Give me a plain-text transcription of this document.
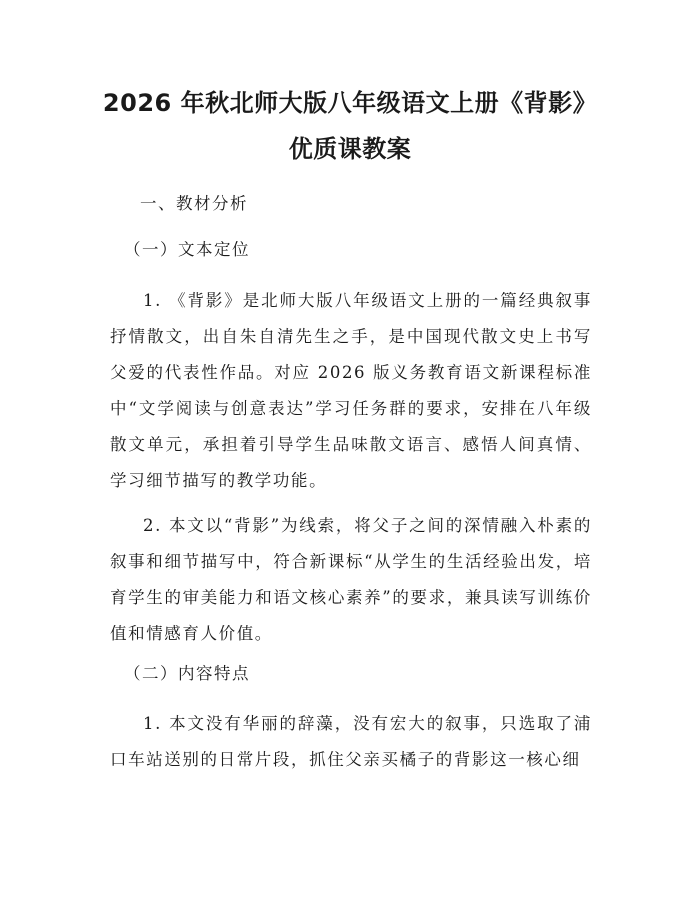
2026 年秋北师大版八年级语文上册《背影》
优质课教案
一、教材分析
（一）文本定位
1. 《背影》是北师大版八年级语文上册的一篇经典叙事抒情散文，出自朱自清先生之手，是中国现代散文史上书写父爱的代表性作品。对应 2026 版义务教育语文新课程标准中“文学阅读与创意表达”学习任务群的要求，安排在八年级散文单元，承担着引导学生品味散文语言、感悟人间真情、学习细节描写的教学功能。
2. 本文以“背影”为线索，将父子之间的深情融入朴素的叙事和细节描写中，符合新课标“从学生的生活经验出发，培育学生的审美能力和语文核心素养”的要求，兼具读写训练价值和情感育人价值。
（二）内容特点
1. 本文没有华丽的辞藻，没有宏大的叙事，只选取了浦口车站送别的日常片段，抓住父亲买橘子的背影这一核心细
